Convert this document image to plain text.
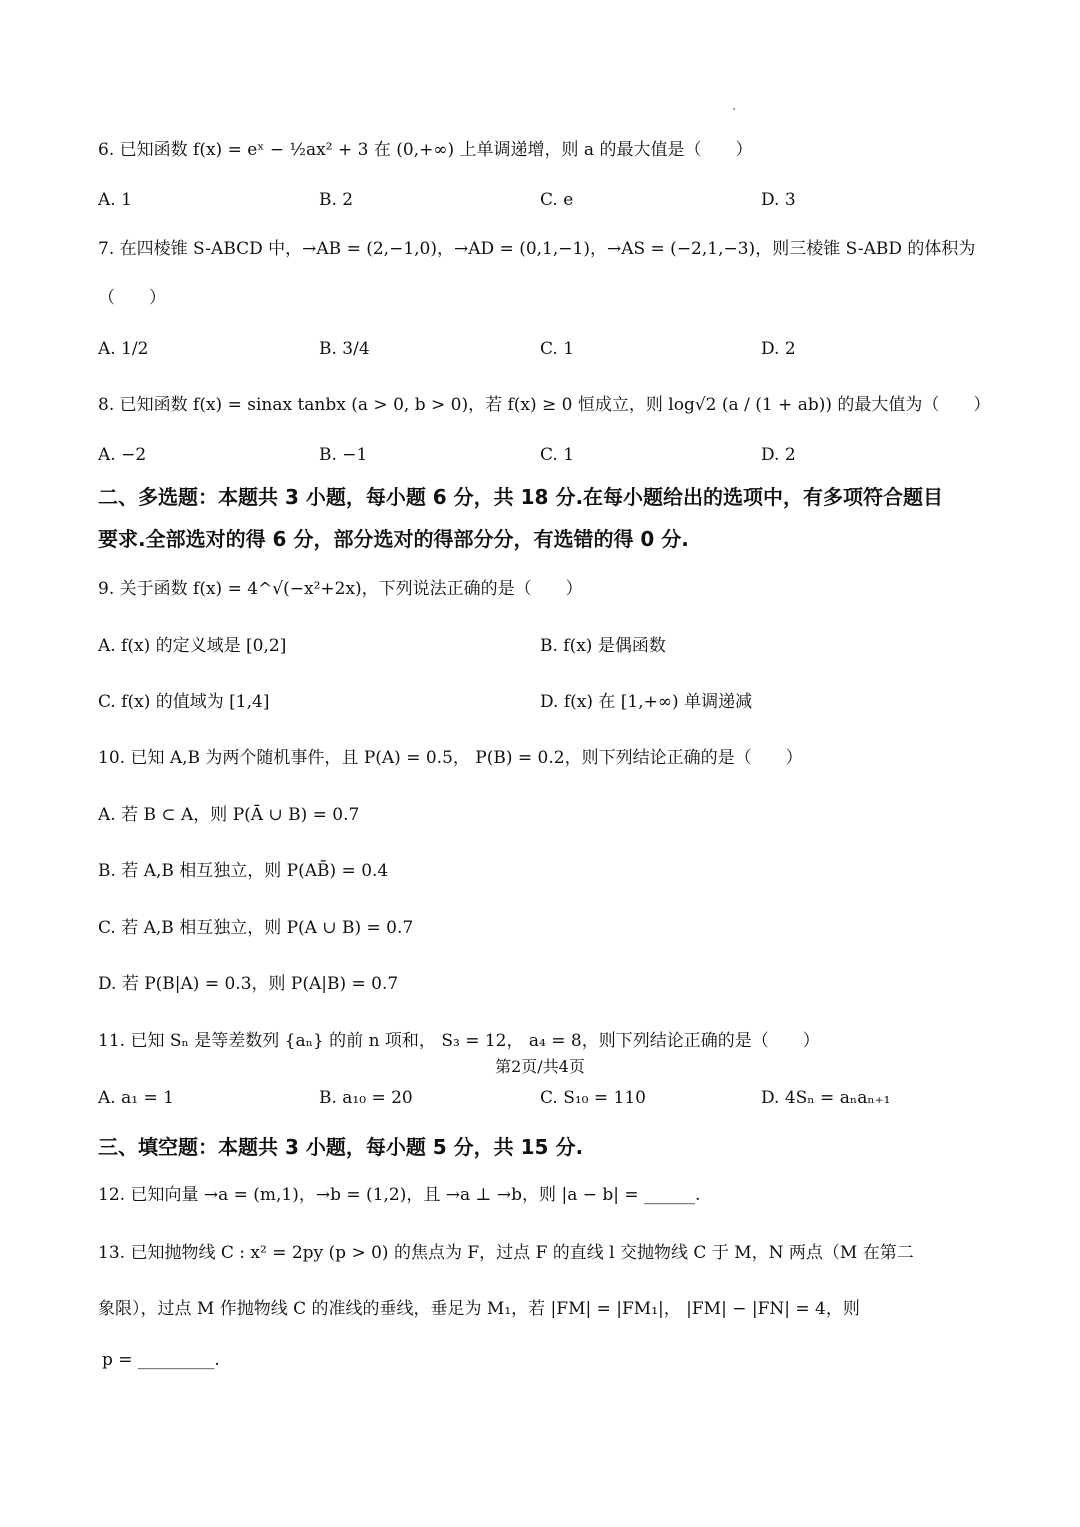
6. 已知函数 f(x) = eˣ − ½ax² + 3 在 (0,+∞) 上单调递增，则 a 的最大值是（　　）
A. 1	B. 2	C. e	D. 3
7. 在四棱锥 S-ABCD 中，→AB = (2,−1,0)，→AD = (0,1,−1)，→AS = (−2,1,−3)，则三棱锥 S-ABD 的体积为
（　　）
A. 1/2	B. 3/4	C. 1	D. 2
8. 已知函数 f(x) = sinax tanbx (a > 0, b > 0)，若 f(x) ≥ 0 恒成立，则 log√2 (a / (1 + ab)) 的最大值为（　　）
A. −2	B. −1	C. 1	D. 2
二、多选题：本题共 3 小题，每小题 6 分，共 18 分.在每小题给出的选项中，有多项符合题目
要求.全部选对的得 6 分，部分选对的得部分分，有选错的得 0 分.
9. 关于函数 f(x) = 4^√(−x²+2x)，下列说法正确的是（　　）
A. f(x) 的定义域是 [0,2]	B. f(x) 是偶函数
C. f(x) 的值域为 [1,4]	D. f(x) 在 [1,+∞) 单调递减
10. 已知 A,B 为两个随机事件，且 P(A) = 0.5， P(B) = 0.2，则下列结论正确的是（　　）
A. 若 B ⊂ A，则 P(Ā ∪ B) = 0.7
B. 若 A,B 相互独立，则 P(AB̄) = 0.4
C. 若 A,B 相互独立，则 P(A ∪ B) = 0.7
D. 若 P(B|A) = 0.3，则 P(A|B) = 0.7
11. 已知 Sₙ 是等差数列 {aₙ} 的前 n 项和， S₃ = 12， a₄ = 8，则下列结论正确的是（　　）
A. a₁ = 1	B. a₁₀ = 20	C. S₁₀ = 110	D. 4Sₙ = aₙaₙ₊₁
三、填空题：本题共 3 小题，每小题 5 分，共 15 分.
12. 已知向量 →a = (m,1)，→b = (1,2)，且 →a ⊥ →b，则 |a − b| = ______.
13. 已知抛物线 C : x² = 2py (p > 0) 的焦点为 F，过点 F 的直线 l 交抛物线 C 于 M，N 两点（M 在第二
象限），过点 M 作抛物线 C 的准线的垂线，垂足为 M₁，若 |FM| = |FM₁|， |FM| − |FN| = 4，则
p = _________.
第2页/共4页
